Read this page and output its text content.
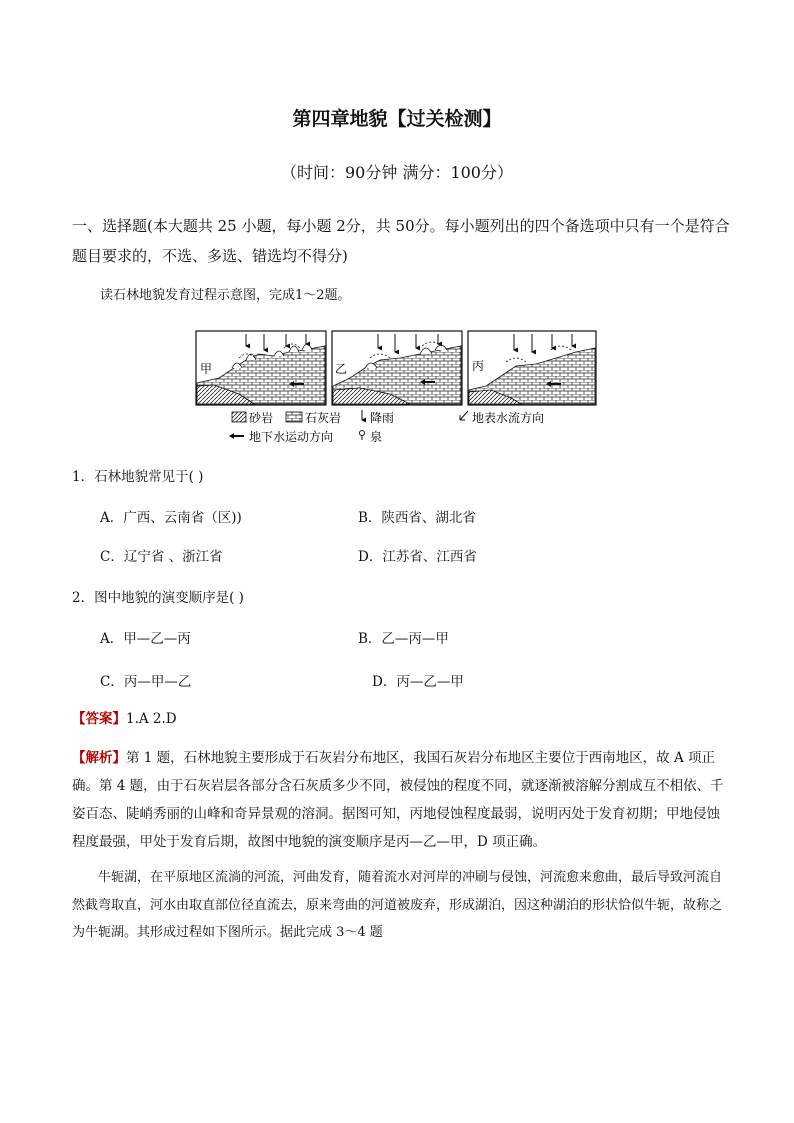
第四章地貌【过关检测】
（时间：90分钟 满分：100分）
一、选择题(本大题共 25 小题，每小题 2分，共 50分。每小题列出的四个备选项中只有一个是符合题目要求的，不选、多选、错选均不得分)
读石林地貌发育过程示意图，完成1～2题。
甲	乙	丙
砂岩	石灰岩 降雨	地表水流方向
地下水运动方向	泉
1．石林地貌常见于( )
A．广西、云南省（区))	B．陕西省、湖北省
C．辽宁省 、浙江省	D．江苏省、江西省
2．图中地貌的演变顺序是( )
A．甲—乙—丙	B．乙—丙—甲
C．丙—甲—乙	D．丙—乙—甲
【答案】1.A 2.D
【解析】第 1 题，石林地貌主要形成于石灰岩分布地区，我国石灰岩分布地区主要位于西南地区，故 A 项正确。第 4 题，由于石灰岩层各部分含石灰质多少不同，被侵蚀的程度不同，就逐渐被溶解分割成互不相依、千姿百态、陡峭秀丽的山峰和奇异景观的溶洞。据图可知，丙地侵蚀程度最弱，说明丙处于发育初期；甲地侵蚀程度最强，甲处于发育后期，故图中地貌的演变顺序是丙—乙—甲，D 项正确。
牛轭湖，在平原地区流淌的河流，河曲发育，随着流水对河岸的冲刷与侵蚀，河流愈来愈曲，最后导致河流自然截弯取直，河水由取直部位径直流去，原来弯曲的河道被废弃，形成湖泊，因这种湖泊的形状恰似牛轭，故称之为牛轭湖。其形成过程如下图所示。据此完成 3～4 题
